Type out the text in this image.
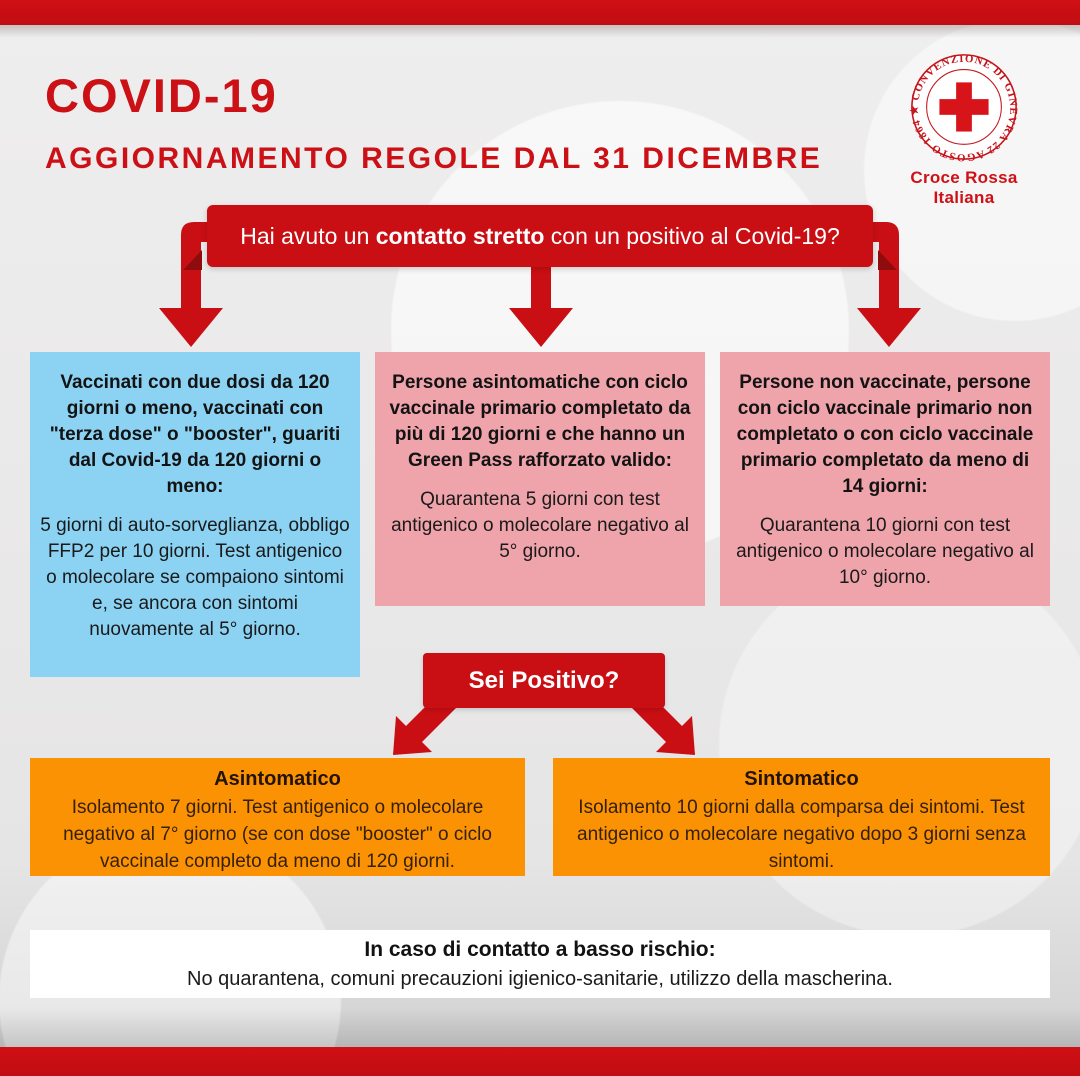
COVID-19
AGGIORNAMENTO REGOLE DAL 31 DICEMBRE
CONVENZIONE DI GINEVRA 22 AGOSTO 1864 ★
Croce Rossa Italiana
Hai avuto un contatto stretto con un positivo al Covid-19?
Vaccinati con due dosi da 120 giorni o meno, vaccinati con "terza dose" o "booster", guariti dal Covid-19 da 120 giorni o meno:
5 giorni di auto-sorveglianza, obbligo FFP2 per 10 giorni. Test antigenico o molecolare se compaiono sintomi e, se ancora con sintomi nuovamente al 5° giorno.
Persone asintomatiche con ciclo vaccinale primario completato da più di 120 giorni e che hanno un Green Pass rafforzato valido:
Quarantena 5 giorni con test antigenico o molecolare negativo al 5° giorno.
Persone non vaccinate, persone con ciclo vaccinale primario non completato o con ciclo vaccinale primario completato da meno di 14 giorni:
Quarantena 10 giorni con test antigenico o molecolare negativo al 10° giorno.
Sei Positivo?
Asintomatico
Isolamento 7 giorni. Test antigenico o molecolare negativo al 7° giorno (se con dose "booster" o ciclo vaccinale completo da meno di 120 giorni.
Sintomatico
Isolamento 10 giorni dalla comparsa dei sintomi. Test antigenico o molecolare negativo dopo 3 giorni senza sintomi.
In caso di contatto a basso rischio:
No quarantena, comuni precauzioni igienico-sanitarie, utilizzo della mascherina.
